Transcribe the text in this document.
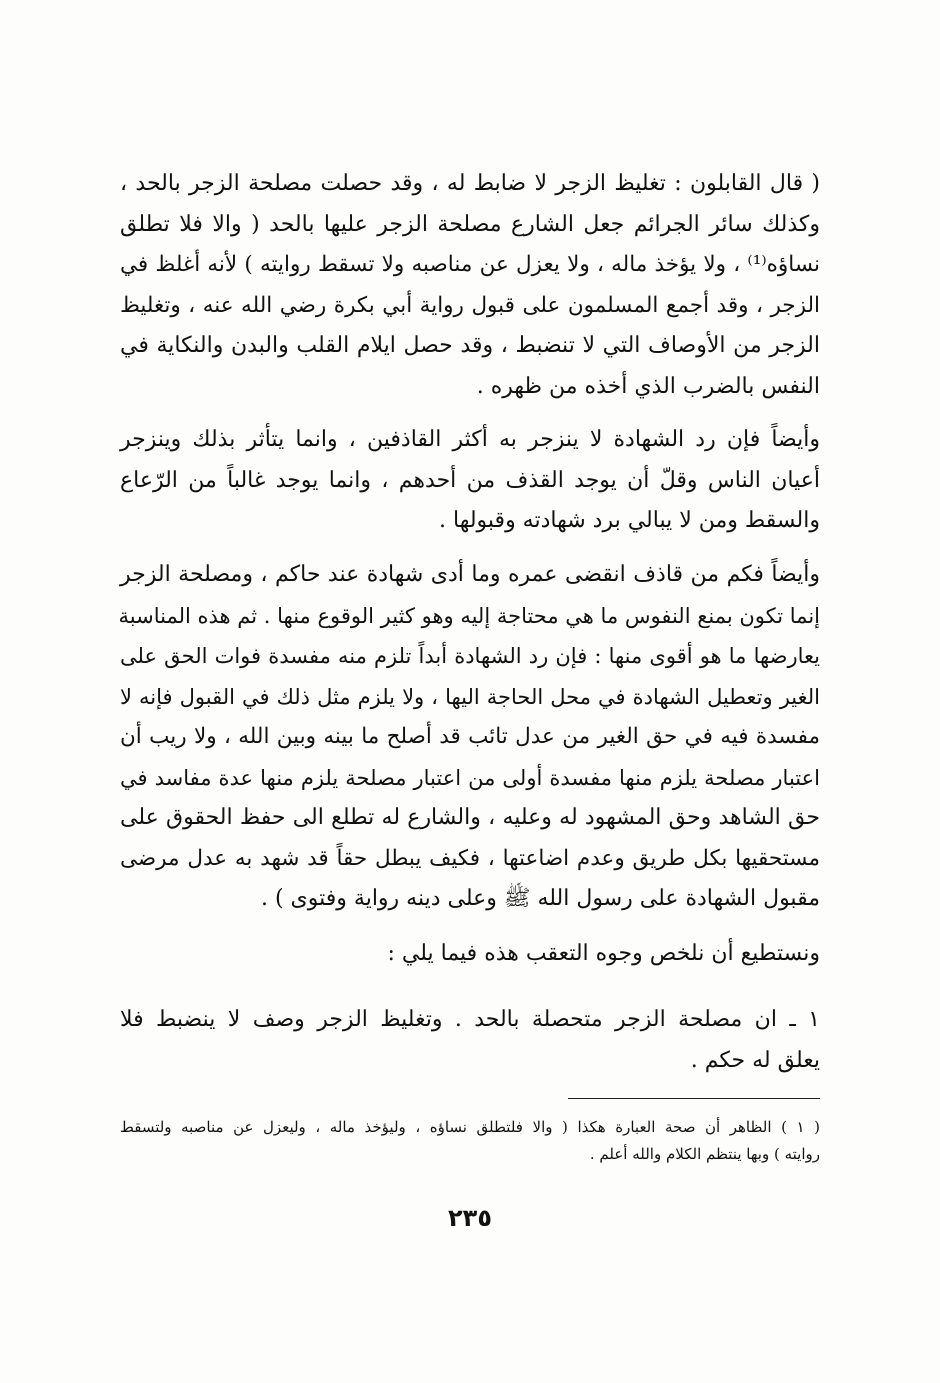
( قال القابلون : تغليظ الزجر لا ضابط له ، وقد حصلت مصلحة الزجر بالحد ،
وكذلك سائر الجرائم جعل الشارع مصلحة الزجر عليها بالحد ( والا فلا تطلق
نساؤه⁽¹⁾ ، ولا يؤخذ ماله ، ولا يعزل عن مناصبه ولا تسقط روايته ) لأنه أغلظ في
الزجر ، وقد أجمع المسلمون على قبول رواية أبي بكرة رضي الله عنه ، وتغليظ
الزجر من الأوصاف التي لا تنضبط ، وقد حصل ايلام القلب والبدن والنكاية في
النفس بالضرب الذي أخذه من ظهره .
وأيضاً فإن رد الشهادة لا ينزجر به أكثر القاذفين ، وانما يتأثر بذلك وينزجر
أعيان الناس وقلّ أن يوجد القذف من أحدهم ، وانما يوجد غالباً من الرّعاع
والسقط ومن لا يبالي برد شهادته وقبولها .
وأيضاً فكم من قاذف انقضى عمره وما أدى شهادة عند حاكم ، ومصلحة الزجر
إنما تكون بمنع النفوس ما هي محتاجة إليه وهو كثير الوقوع منها . ثم هذه المناسبة
يعارضها ما هو أقوى منها : فإن رد الشهادة أبداً تلزم منه مفسدة فوات الحق على
الغير وتعطيل الشهادة في محل الحاجة اليها ، ولا يلزم مثل ذلك في القبول فإنه لا
مفسدة فيه في حق الغير من عدل تائب قد أصلح ما بينه وبين الله ، ولا ريب أن
اعتبار مصلحة يلزم منها مفسدة أولى من اعتبار مصلحة يلزم منها عدة مفاسد في
حق الشاهد وحق المشهود له وعليه ، والشارع له تطلع الى حفظ الحقوق على
مستحقيها بكل طريق وعدم اضاعتها ، فكيف يبطل حقاً قد شهد به عدل مرضى
مقبول الشهادة على رسول الله ﷺ وعلى دينه رواية وفتوى ) .
ونستطيع أن نلخص وجوه التعقب هذه فيما يلي :
١ ـ ان مصلحة الزجر متحصلة بالحد . وتغليظ الزجر وصف لا ينضبط فلا
يعلق له حكم .
( ١ ) الظاهر أن صحة العبارة هكذا ( والا فلتطلق نساؤه ، وليؤخذ ماله ، وليعزل عن مناصبه ولتسقط
روايته ) وبها ينتظم الكلام والله أعلم .
٢٣٥
